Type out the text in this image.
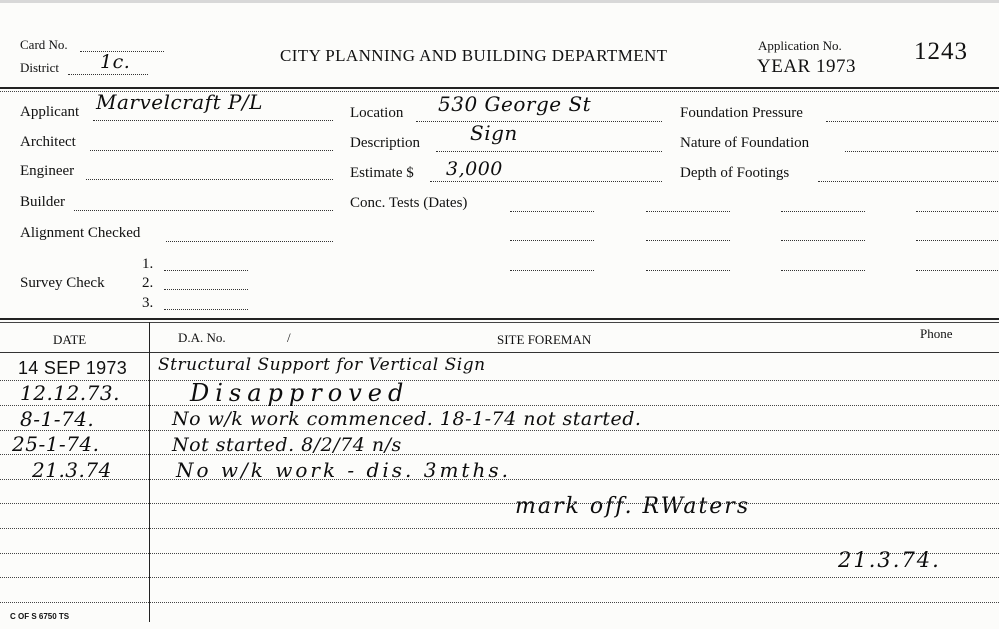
Card No.
District 1c.	CITY PLANNING AND BUILDING DEPARTMENT
Application No.
YEAR 1973
1243
Applicant Marvelcraft P/L
Architect
Engineer
Builder
Alignment Checked
Survey Check
1.
2.
3.
Location 530 George St
Description	Sign
Estimate $ 3,000
Conc. Tests (Dates)
Foundation Pressure
Nature of Foundation
Depth of Footings
DATE	D.A. No.	/	SITE FOREMAN	Phone
14 SEP 1973 Structural Support for Vertical Sign
12.12.73.	Disapproved
8-1-74.	No w/k work commenced. 18-1-74 not started.
25-1-74.	Not started. 8/2/74 n/s
21.3.74	No w/k work - dis. 3mths.
mark off. RWaters
21.3.74.
C OF S 6750 TS
